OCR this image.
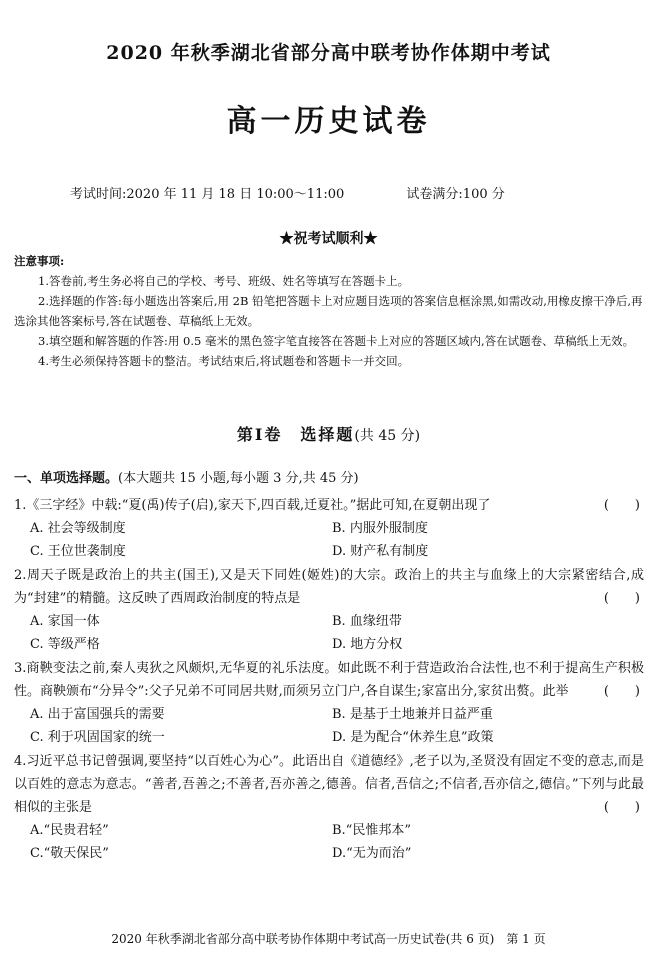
2020 年秋季湖北省部分高中联考协作体期中考试
高一历史试卷
考试时间:2020 年 11 月 18 日 10:00～11:00	试卷满分:100 分
★祝考试顺利★
注意事项:

1.答卷前,考生务必将自己的学校、考号、班级、姓名等填写在答题卡上。

2.选择题的作答:每小题选出答案后,用 2B 铅笔把答题卡上对应题目选项的答案信息框涂黑,如需改动,用橡皮擦干净后,再选涂其他答案标号,答在试题卷、草稿纸上无效。

3.填空题和解答题的作答:用 0.5 毫米的黑色签字笔直接答在答题卡上对应的答题区域内,答在试题卷、草稿纸上无效。

4.考生必须保持答题卡的整洁。考试结束后,将试题卷和答题卡一并交回。

第Ⅰ卷　选择题(共 45 分)
一、单项选择题。(本大题共 15 小题,每小题 3 分,共 45 分)
1.《三字经》中载:“夏(禹)传子(启),家天下,四百载,迁夏社。”据此可知,在夏朝出现了	(　　)
A. 社会等级制度	B. 内服外服制度
C. 王位世袭制度	D. 财产私有制度
2.周天子既是政治上的共主(国王),又是天下同姓(姬姓)的大宗。政治上的共主与血缘上的大宗紧密结合,成为“封建”的精髓。这反映了西周政治制度的特点是	(　　)
A. 家国一体	B. 血缘纽带
C. 等级严格	D. 地方分权
3.商鞅变法之前,秦人夷狄之风颇炽,无华夏的礼乐法度。如此既不利于营造政治合法性,也不利于提高生产积极性。商鞅颁布“分异令”:父子兄弟不可同居共财,而须另立门户,各自谋生;家富出分,家贫出赘。此举	(　　)
A. 出于富国强兵的需要	B. 是基于土地兼并日益严重
C. 利于巩固国家的统一	D. 是为配合“休养生息”政策
4.习近平总书记曾强调,要坚持“以百姓心为心”。此语出自《道德经》,老子以为,圣贤没有固定不变的意志,而是以百姓的意志为意志。“善者,吾善之;不善者,吾亦善之,德善。信者,吾信之;不信者,吾亦信之,德信。”下列与此最相似的主张是	(　　)
A.“民贵君轻”	B.“民惟邦本”
C.“敬天保民”	D.“无为而治”
2020 年秋季湖北省部分高中联考协作体期中考试高一历史试卷(共 6 页)　第 1 页
